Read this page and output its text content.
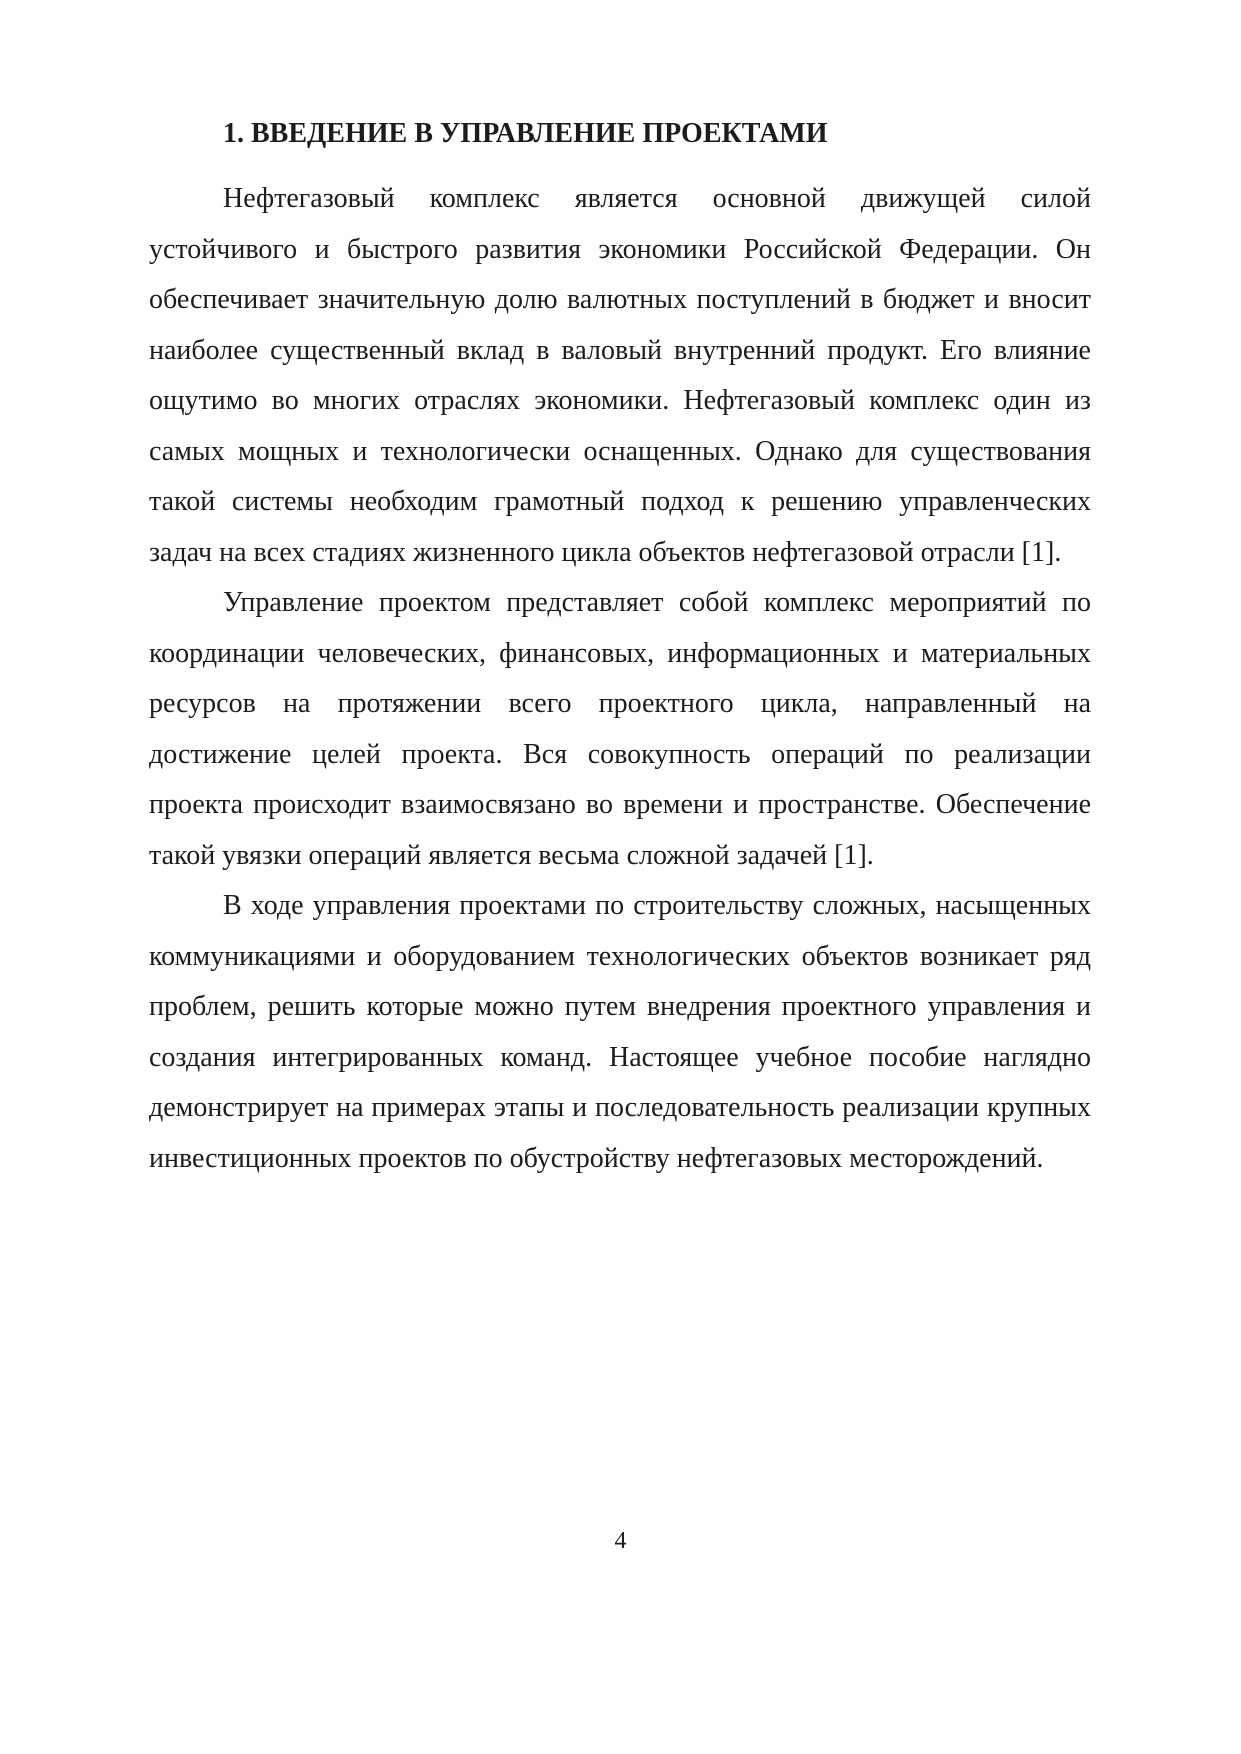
1. ВВЕДЕНИЕ В УПРАВЛЕНИЕ ПРОЕКТАМИ

Нефтегазовый комплекс является основной движущей силой устойчивого и быстрого развития экономики Российской Федерации. Он обеспечивает значительную долю валютных поступлений в бюджет и вносит наиболее существенный вклад в валовый внутренний продукт. Его влияние ощутимо во многих отраслях экономики. Нефтегазовый комплекс один из самых мощных и технологически оснащенных. Однако для существования такой системы необходим грамотный подход к решению управленческих задач на всех стадиях жизненного цикла объектов нефтегазовой отрасли [1].

Управление проектом представляет собой комплекс мероприятий по координации человеческих, финансовых, информационных и материальных ресурсов на протяжении всего проектного цикла, направленный на достижение целей проекта. Вся совокупность операций по реализации проекта происходит взаимосвязано во времени и пространстве. Обеспечение такой увязки операций является весьма сложной задачей [1].

В ходе управления проектами по строительству сложных, насыщенных коммуникациями и оборудованием технологических объектов возникает ряд проблем, решить которые можно путем внедрения проектного управления и создания интегрированных команд. Настоящее учебное пособие наглядно демонстрирует на примерах этапы и последовательность реализации крупных инвестиционных проектов по обустройству нефтегазовых месторождений.

4
